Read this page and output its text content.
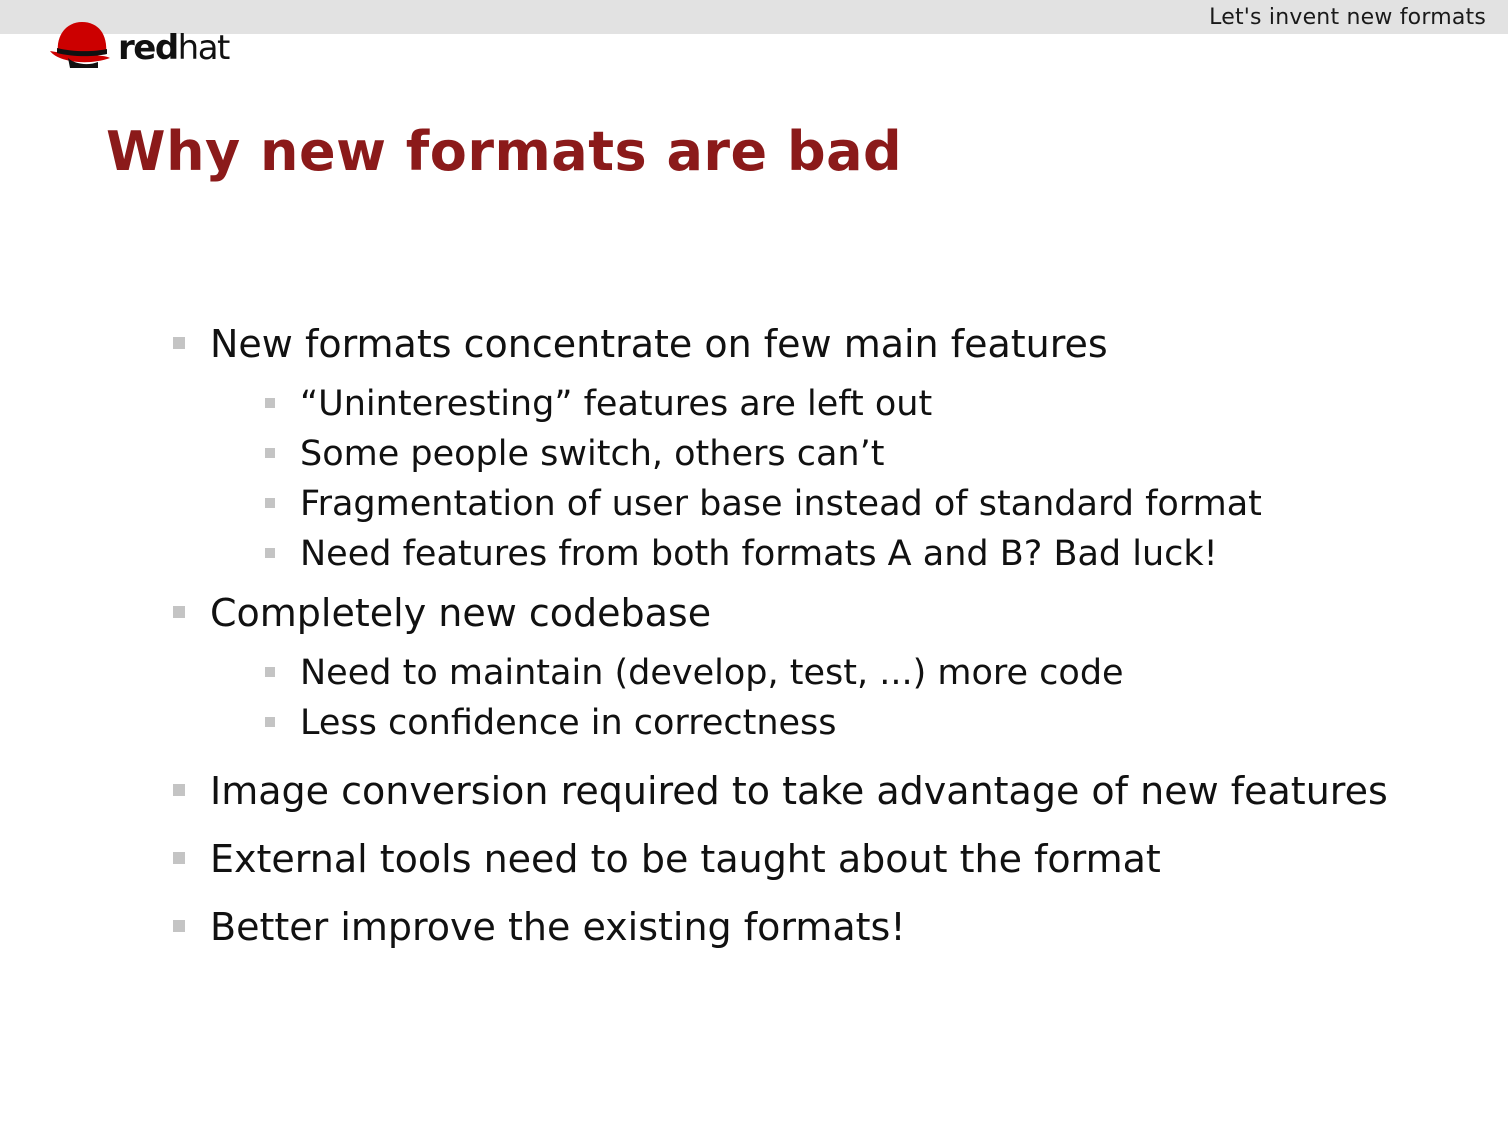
Let's invent new formats
redhat
Why new formats are bad
New formats concentrate on few main features
“Uninteresting” features are left out
Some people switch, others can’t
Fragmentation of user base instead of standard format
Need features from both formats A and B? Bad luck!
Completely new codebase
Need to maintain (develop, test, ...) more code
Less confidence in correctness
Image conversion required to take advantage of new features
External tools need to be taught about the format
Better improve the existing formats!
